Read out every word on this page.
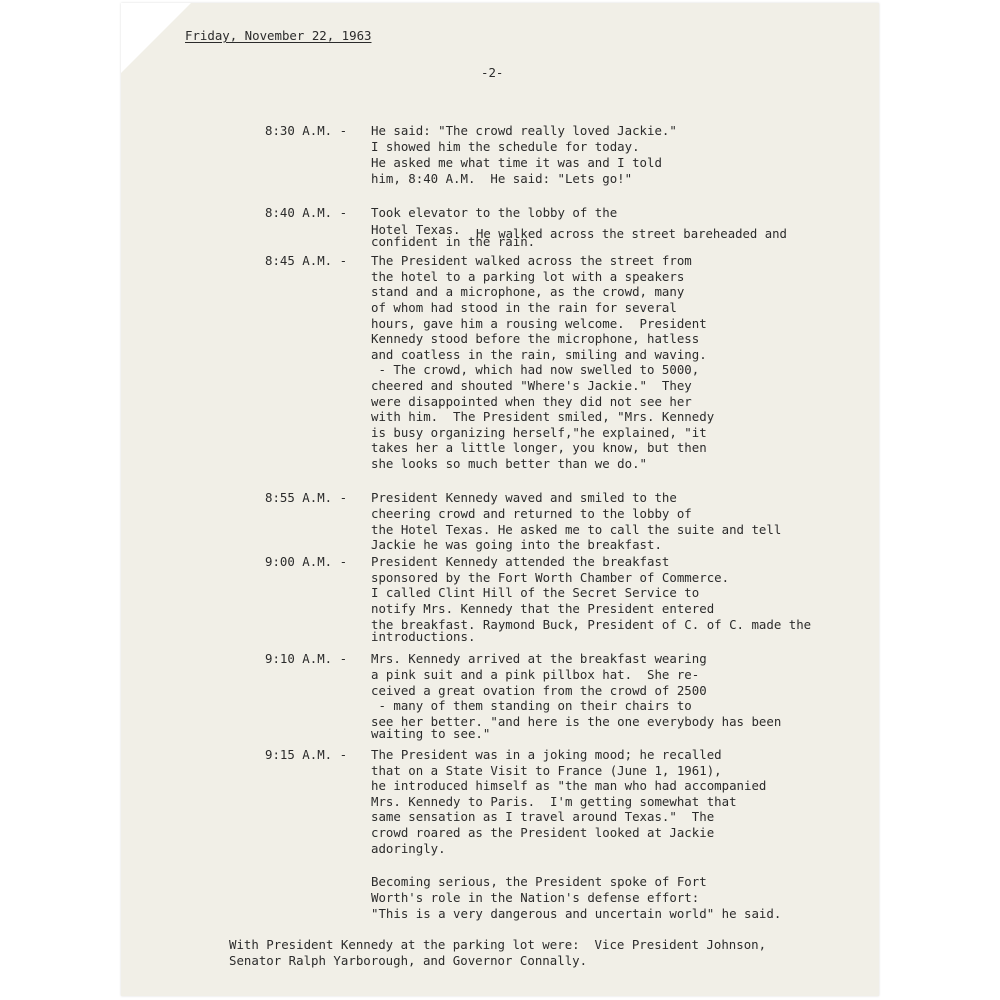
Friday, November 22, 1963

-2-

8:30 A.M. - He said: "The crowd really loved Jackie."

I showed him the schedule for today.

He asked me what time it was and I told

him, 8:40 A.M.  He said: "Lets go!"

8:40 A.M. - Took elevator to the lobby of the

Hotel Texas. He walked across the street bareheaded and

confident in the rain.

8:45 A.M. - The President walked across the street from

the hotel to a parking lot with a speakers

stand and a microphone, as the crowd, many

of whom had stood in the rain for several

hours, gave him a rousing welcome.  President

Kennedy stood before the microphone, hatless

and coatless in the rain, smiling and waving.

- The crowd, which had now swelled to 5000,

cheered and shouted "Where's Jackie."  They

were disappointed when they did not see her

with him.  The President smiled, "Mrs. Kennedy

is busy organizing herself,"he explained, "it

takes her a little longer, you know, but then

she looks so much better than we do."

8:55 A.M. - President Kennedy waved and smiled to the

cheering crowd and returned to the lobby of

the Hotel Texas. He asked me to call the suite and tell

Jackie he was going into the breakfast.

9:00 A.M. - President Kennedy attended the breakfast

sponsored by the Fort Worth Chamber of Commerce.

I called Clint Hill of the Secret Service to

notify Mrs. Kennedy that the President entered

the breakfast. Raymond Buck, President of C. of C. made the

introductions.

9:10 A.M. - Mrs. Kennedy arrived at the breakfast wearing

a pink suit and a pink pillbox hat.  She re-

ceived a great ovation from the crowd of 2500

- many of them standing on their chairs to

see her better. "and here is the one everybody has been

waiting to see."

9:15 A.M. - The President was in a joking mood; he recalled

that on a State Visit to France (June 1, 1961),

he introduced himself as "the man who had accompanied

Mrs. Kennedy to Paris.  I'm getting somewhat that

same sensation as I travel around Texas."  The

crowd roared as the President looked at Jackie

adoringly.

Becoming serious, the President spoke of Fort

Worth's role in the Nation's defense effort:

"This is a very dangerous and uncertain world" he said.

With President Kennedy at the parking lot were:  Vice President Johnson,

Senator Ralph Yarborough, and Governor Connally.
